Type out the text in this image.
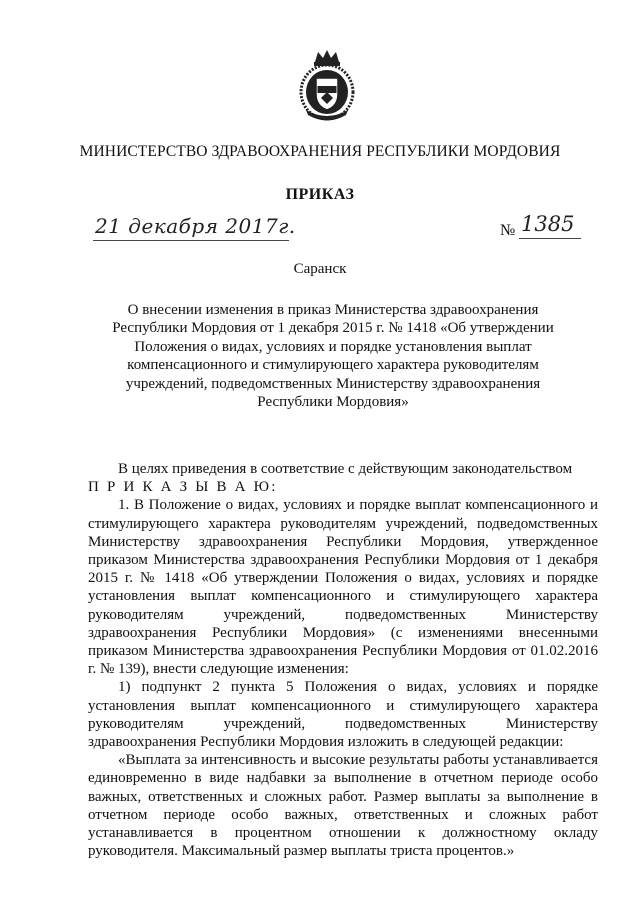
МИНИСТЕРСТВО ЗДРАВООХРАНЕНИЯ РЕСПУБЛИКИ МОРДОВИЯ
ПРИКАЗ
21 декабря 2017г.	№ 1385
Саранск
О внесении изменения в приказ Министерства здравоохранения Республики Мордовия от 1 декабря 2015 г. № 1418 «Об утверждении Положения о видах, условиях и порядке установления выплат компенсационного и стимулирующего характера руководителям учреждений, подведомственных Министерству здравоохранения Республики Мордовия»

В целях приведения в соответствие с действующим законодательством

П Р И К А З Ы В А Ю:

1. В Положение о видах, условиях и порядке выплат компенсационного и стимулирующего характера руководителям учреждений, подведомственных Министерству здравоохранения Республики Мордовия, утвержденное приказом Министерства здравоохранения Республики Мордовия от 1 декабря 2015 г. № 1418 «Об утверждении Положения о видах, условиях и порядке установления выплат компенсационного и стимулирующего характера руководителям учреждений, подведомственных Министерству здравоохранения Республики Мордовия» (с изменениями внесенными приказом Министерства здравоохранения Республики Мордовия от 01.02.2016 г. № 139), внести следующие изменения:

1) подпункт 2 пункта 5 Положения о видах, условиях и порядке установления выплат компенсационного и стимулирующего характера руководителям учреждений, подведомственных Министерству здравоохранения Республики Мордовия изложить в следующей редакции:

«Выплата за интенсивность и высокие результаты работы устанавливается единовременно в виде надбавки за выполнение в отчетном периоде особо важных, ответственных и сложных работ. Размер выплаты за выполнение в отчетном периоде особо важных, ответственных и сложных работ устанавливается в процентном отношении к должностному окладу руководителя. Максимальный размер выплаты триста процентов.»
